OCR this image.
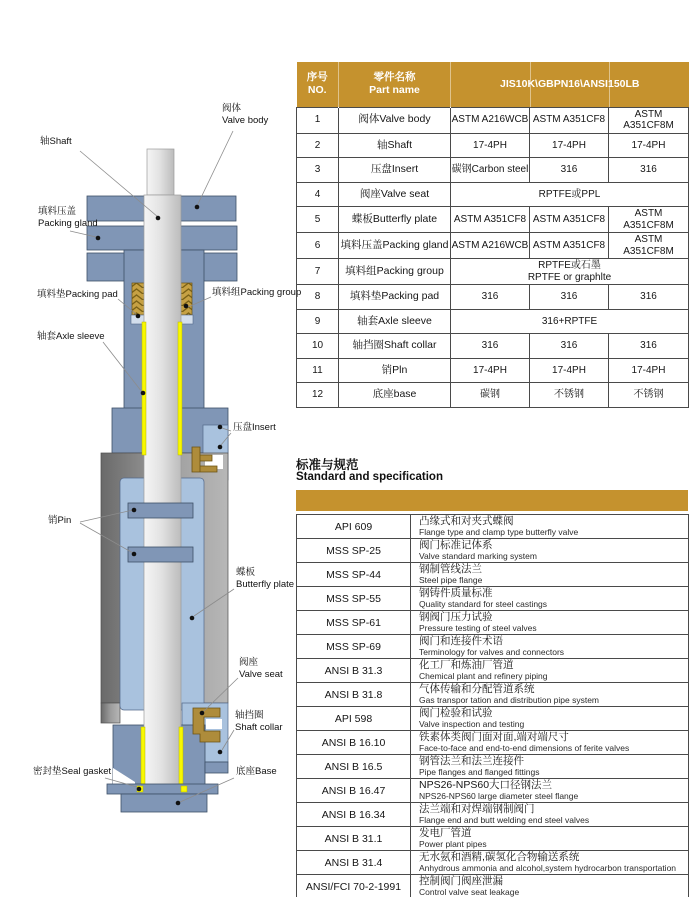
阀体
Valve body
轴Shaft
填料压盖
Packing gland
填料垫Packing pad	填料组Packing group
轴套Axle sleeve
压盘Insert
销Pin
蝶板
Butterfly plate
阀座
Valve seat
轴挡圈
Shaft collar
密封垫Seal gasket	底座Base
序号
NO.

零件名称
Part name
	JIS10K\GBPN16\ANSI150LB
1	阀体Valve body	ASTM A216WCB	ASTM A351CF8	ASTM A351CF8M
2	轴Shaft	17-4PH	17-4PH	17-4PH
3	压盘Insert	碳钢Carbon steel	316	316
4	阀座Valve seat	RPTFE或PPL		
5	蝶板Butterfly plate	ASTM A351CF8	ASTM A351CF8	ASTM A351CF8M
6	填料压盖Packing gland	ASTM A216WCB	ASTM A351CF8	ASTM A351CF8M
7	填料组Packing group	RPTFE或石墨
RPTFE or graphlte		
8	填料垫Packing pad	316	316	316
9	轴套Axle sleeve	316+RPTFE		
10	轴挡圈Shaft collar	316	316	316
11	销Pln	17-4PH	17-4PH	17-4PH
12	底座base	碳钢	不锈钢	不锈钢
标准与规范
Standard and specification
API 609	凸缘式和对夹式蝶阀
Flange type and clamp type butterfly valve

MSS SP-25	阀门标准记体系
Valve standard marking system

MSS SP-44	钢制管线法兰
Steel pipe flange

MSS SP-55	钢铸件质量标准
Quality standard for steel castings

MSS SP-61	钢阀门压力试验
Pressure testing of steel valves

MSS SP-69	阀门和连接件术语
Terminology for valves and connectors

ANSI B 31.3	化工厂和炼油厂管道
Chemical plant and refinery piping

ANSI B 31.8	气体传输和分配管道系统
Gas transpor tation and distribution pipe system

API 598	阀门检验和试验
Valve inspection and testing

ANSI B 16.10	铁素体类阀门面对面,端对端尺寸
Face-to-face and end-to-end dimensions of ferite valves

ANSI B 16.5	钢管法兰和法兰连接件
Pipe flanges and flanged fittings

ANSI B 16.47	NPS26-NPS60大口径钢法兰
NPS26-NPS60 large diameter steel flange

ANSI B 16.34	法兰端和对焊端钢制阀门
Flange end and butt welding end steel valves

ANSI B 31.1	发电厂管道
Power plant pipes

ANSI B 31.4	无水氨和酒精,碳氢化合物输送系统
Anhydrous ammonia and alcohol,system hydrocarbon transportation

ANSI/FCI 70-2-1991	控制阀门阀座泄漏
Control valve seat leakage
